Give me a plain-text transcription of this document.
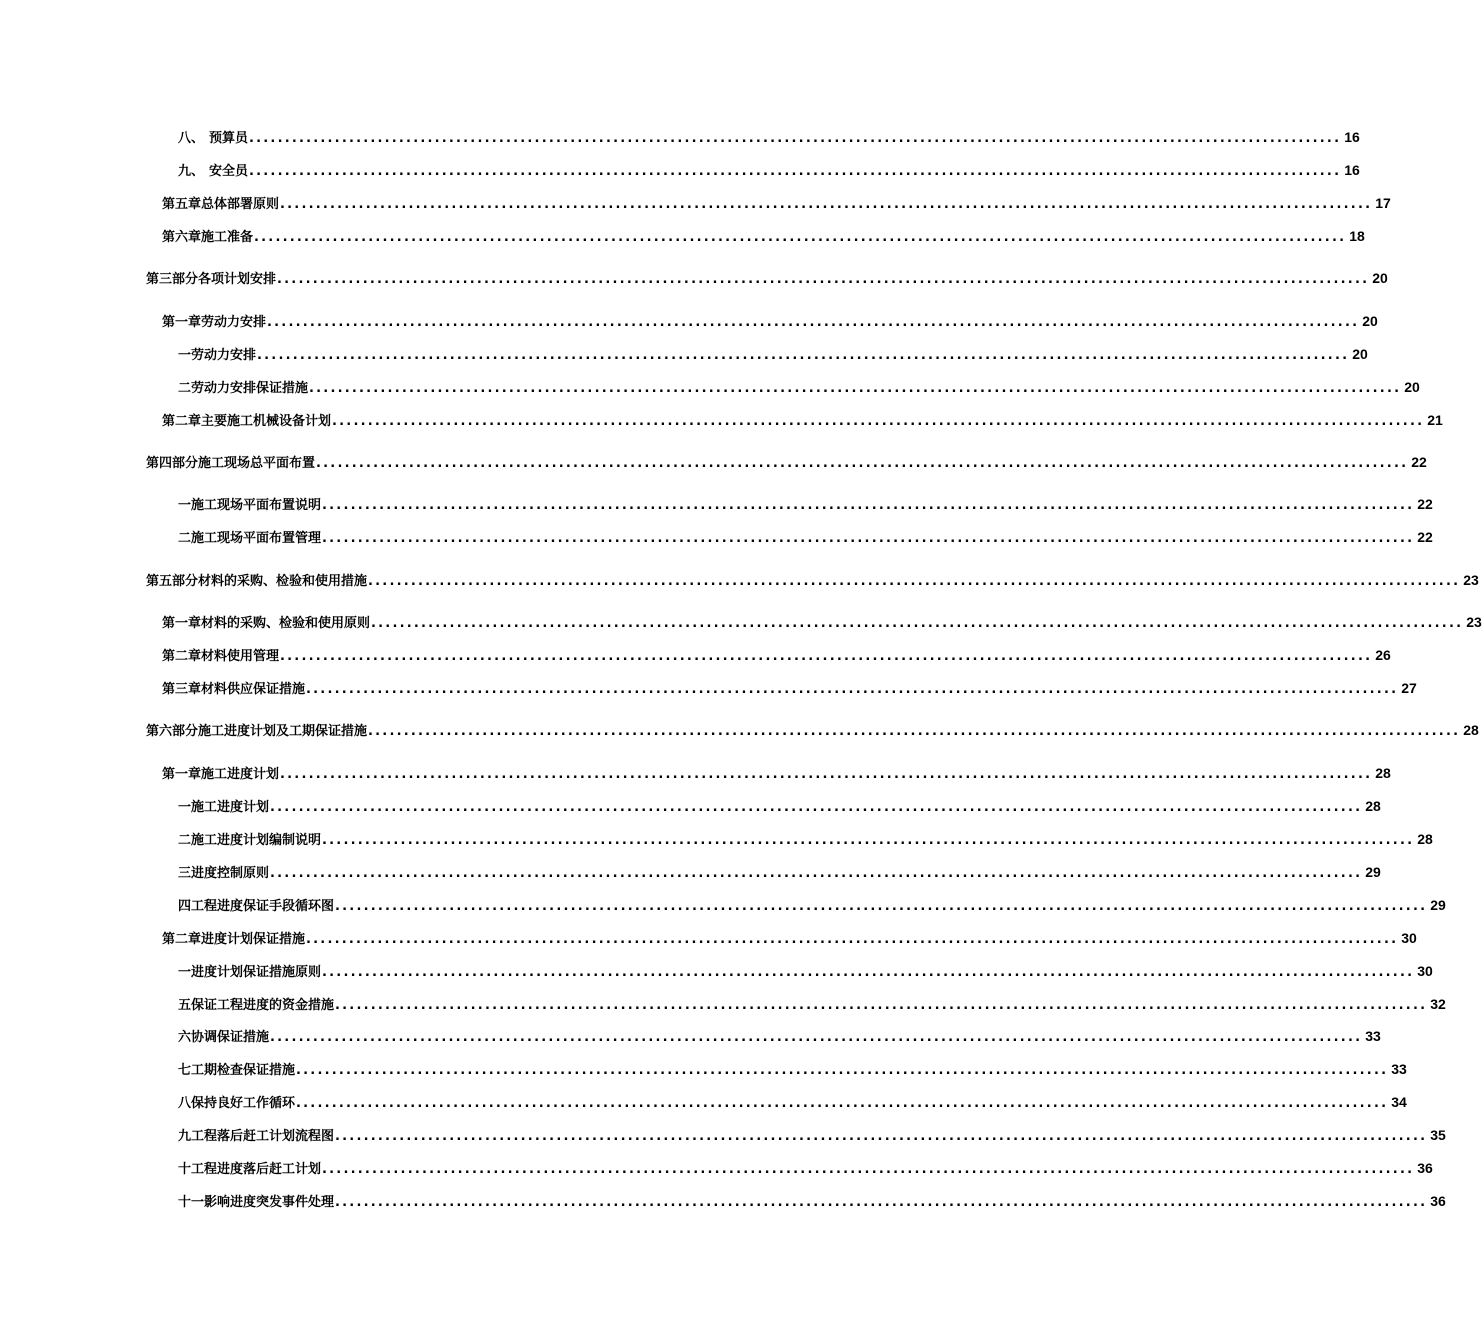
八、 预算员 ......................................................................................................................................................... 16
九、 安全员 ......................................................................................................................................................... 16
第五章 总体部署原则 ......................................................................................................................................................... 17
第六章 施工准备 ......................................................................................................................................................... 18
第三部分 各项计划安排 ......................................................................................................................................................... 20
第一章 劳动力安排 ......................................................................................................................................................... 20
一 劳动力安排 ......................................................................................................................................................... 20
二 劳动力安排保证措施 ......................................................................................................................................................... 20
第二章 主要施工机械设备计划 ......................................................................................................................................................... 21
第四部分 施工现场总平面布置 ......................................................................................................................................................... 22
一 施工现场平面布置说明 ......................................................................................................................................................... 22
二 施工现场平面布置管理 ......................................................................................................................................................... 22
第五部分 材料的采购、检验和使用措施 ......................................................................................................................................................... 23
第一章 材料的采购、检验和使用原则 ......................................................................................................................................................... 23
第二章 材料使用管理 ......................................................................................................................................................... 26
第三章 材料供应保证措施 ......................................................................................................................................................... 27
第六部分 施工进度计划及工期保证措施 ......................................................................................................................................................... 28
第一章 施工进度计划 ......................................................................................................................................................... 28
一 施工进度计划 ......................................................................................................................................................... 28
二 施工进度计划编制说明 ......................................................................................................................................................... 28
三 进度控制原则 ......................................................................................................................................................... 29
四 工程进度保证手段循环图 ......................................................................................................................................................... 29
第二章 进度计划保证措施 ......................................................................................................................................................... 30
一 进度计划保证措施原则 ......................................................................................................................................................... 30
五 保证工程进度的资金措施 ......................................................................................................................................................... 32
六 协调保证措施 ......................................................................................................................................................... 33
七 工期检查保证措施 ......................................................................................................................................................... 33
八 保持良好工作循环 ......................................................................................................................................................... 34
九 工程落后赶工计划流程图 ......................................................................................................................................................... 35
十 工程进度落后赶工计划 ......................................................................................................................................................... 36
十一 影响进度突发事件处理 ......................................................................................................................................................... 36
